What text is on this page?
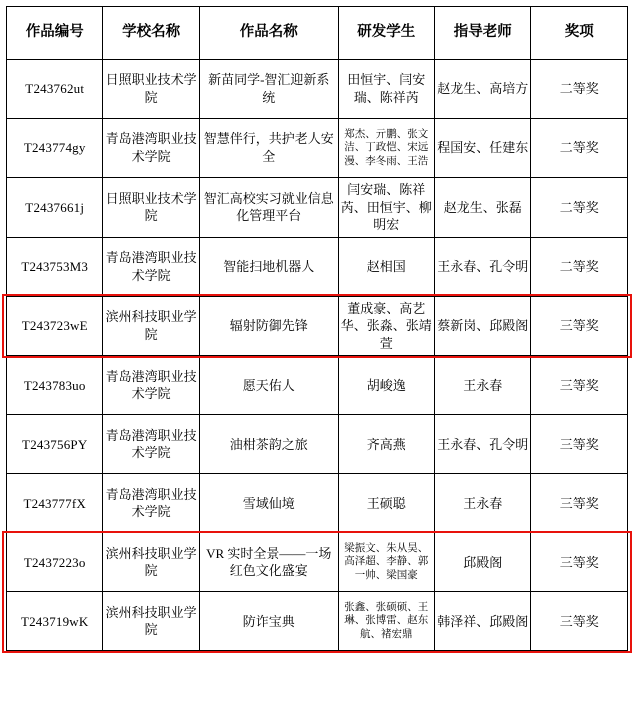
作品编号	学校名称	作品名称	研发学生	指导老师	奖项
T243762ut	日照职业技术学院	新苗同学-智汇迎新系统	田恒宇、闫安瑞、陈祥芮	赵龙生、高培方	二等奖
T243774gy	青岛港湾职业技术学院	智慧伴行，共护老人安全	郑杰、亓鹏、张文洁、丁政恺、宋远漫、李冬雨、王浩	程国安、任建东	二等奖
T2437661j	日照职业技术学院	智汇高校实习就业信息化管理平台	闫安瑞、陈祥芮、田恒宇、柳明宏	赵龙生、张磊	二等奖
T243753M3	青岛港湾职业技术学院	智能扫地机器人	赵相国	王永春、孔令明	二等奖
T243723wE	滨州科技职业学院	辐射防御先锋	董成豪、高艺华、张淼、张靖萱	蔡新岗、邱殿阁	三等奖
T243783uo	青岛港湾职业技术学院	愿天佑人	胡峻逸	王永春	三等奖
T243756PY	青岛港湾职业技术学院	油柑茶韵之旅	齐高燕	王永春、孔令明	三等奖
T243777fX	青岛港湾职业技术学院	雪域仙境	王硕聪	王永春	三等奖
T2437223o	滨州科技职业学院	VR 实时全景——一场红色文化盛宴	梁振文、朱从昊、高泽超、李静、郭一帅、梁国豪	邱殿阁	三等奖
T243719wK	滨州科技职业学院	防诈宝典	张鑫、张硕硕、王琳、张博雷、赵东航、褚宏鼎	韩泽祥、邱殿阁	三等奖
